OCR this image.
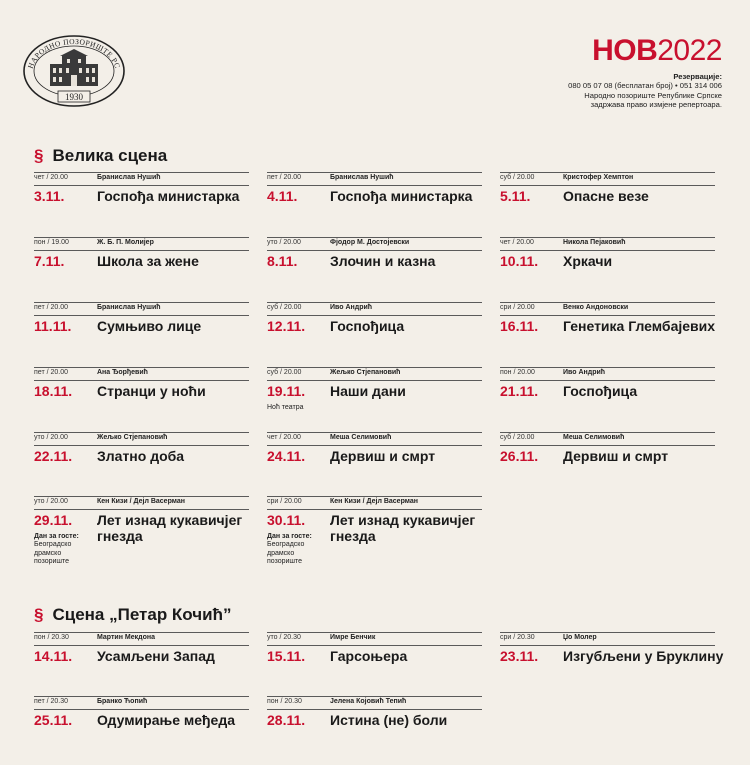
НАРОДНО ПОЗОРИШТЕ РС
1930
НОВ2022
Резервације:
080 05 07 08 (бесплатан број) • 051 314 006
Народно позориште Републике Српске
задржава право измјене репертоара.
§ Велика сцена
§ Сцена „Петар Кочић”
чет / 20.00	Бранислав Нушић
3.11. Госпођа министарка
пет / 20.00	Бранислав Нушић
4.11. Госпођа министарка
суб / 20.00	Кристофер Хемптон
5.11. Опасне везе
пон / 19.00	Ж. Б. П. Молијер
7.11. Школа за жене
уто / 20.00	Фјодор М. Достојевски
8.11. Злочин и казна
чет / 20.00	Никола Пејаковић
10.11. Хркачи
пет / 20.00	Бранислав Нушић
11.11. Сумњиво лице
суб / 20.00	Иво Андрић
12.11. Госпођица
сри / 20.00	Венко Андоновски
16.11. Генетика Глембајевих
пет / 20.00	Ана Ђорђевић
18.11. Странци у ноћи
суб / 20.00	Жељко Стјепановић
19.11. Наши дани
Ноћ театра
пон / 20.00	Иво Андрић
21.11. Госпођица
уто / 20.00	Жељко Стјепановић
22.11. Златно доба
чет / 20.00	Меша Селимовић
24.11. Дервиш и смрт
суб / 20.00	Меша Селимовић
26.11. Дервиш и смрт
уто / 20.00	Кен Кизи / Дејл Васерман
29.11. Лет изнад кукавичјег гнезда
Дан за госте:
Београдско драмско позориште
сри / 20.00	Кен Кизи / Дејл Васерман
30.11. Лет изнад кукавичјег гнезда
Дан за госте:
Београдско драмско позориште
пон / 20.30	Мартин Мекдона
14.11. Усамљени Запад
уто / 20.30	Имре Бенчик
15.11. Гарсоњера
сри / 20.30	Џо Молер
23.11. Изгубљени у Бруклину
пет / 20.30	Бранко Ћопић
25.11. Одумирање међеда
пон / 20.30	Јелена Којовић Тепић
28.11. Истина (не) боли
